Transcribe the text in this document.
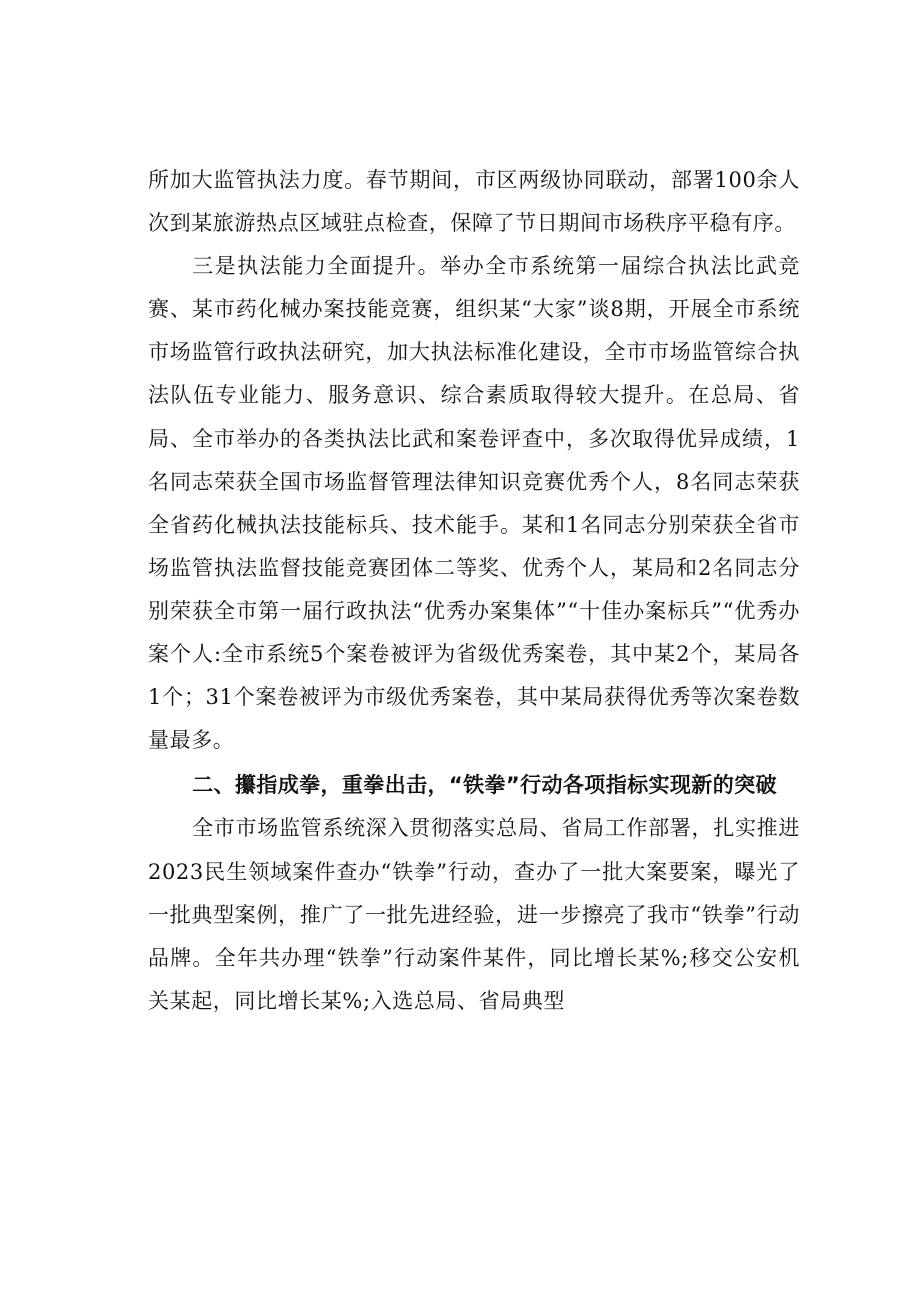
所加大监管执法力度。春节期间，市区两级协同联动，部署100余人次到某旅游热点区域驻点检查，保障了节日期间市场秩序平稳有序。

三是执法能力全面提升。举办全市系统第一届综合执法比武竞赛、某市药化械办案技能竞赛，组织某“大家”谈8期，开展全市系统市场监管行政执法研究，加大执法标准化建设，全市市场监管综合执法队伍专业能力、服务意识、综合素质取得较大提升。在总局、省局、全市举办的各类执法比武和案卷评查中，多次取得优异成绩，1名同志荣获全国市场监督管理法律知识竞赛优秀个人，8名同志荣获全省药化械执法技能标兵、技术能手。某和1名同志分别荣获全省市场监管执法监督技能竞赛团体二等奖、优秀个人，某局和2名同志分别荣获全市第一届行政执法“优秀办案集体”“十佳办案标兵”“优秀办案个人:全市系统5个案卷被评为省级优秀案卷，其中某2个，某局各1个；31个案卷被评为市级优秀案卷，其中某局获得优秀等次案卷数量最多。

二、攥指成拳，重拳出击，“铁拳”行动各项指标实现新的突破

全市市场监管系统深入贯彻落实总局、省局工作部署，扎实推进2023民生领域案件查办“铁拳”行动，查办了一批大案要案，曝光了一批典型案例，推广了一批先进经验，进一步擦亮了我市“铁拳”行动品牌。全年共办理“铁拳”行动案件某件，同比增长某%;移交公安机关某起，同比增长某%;入选总局、省局典型
